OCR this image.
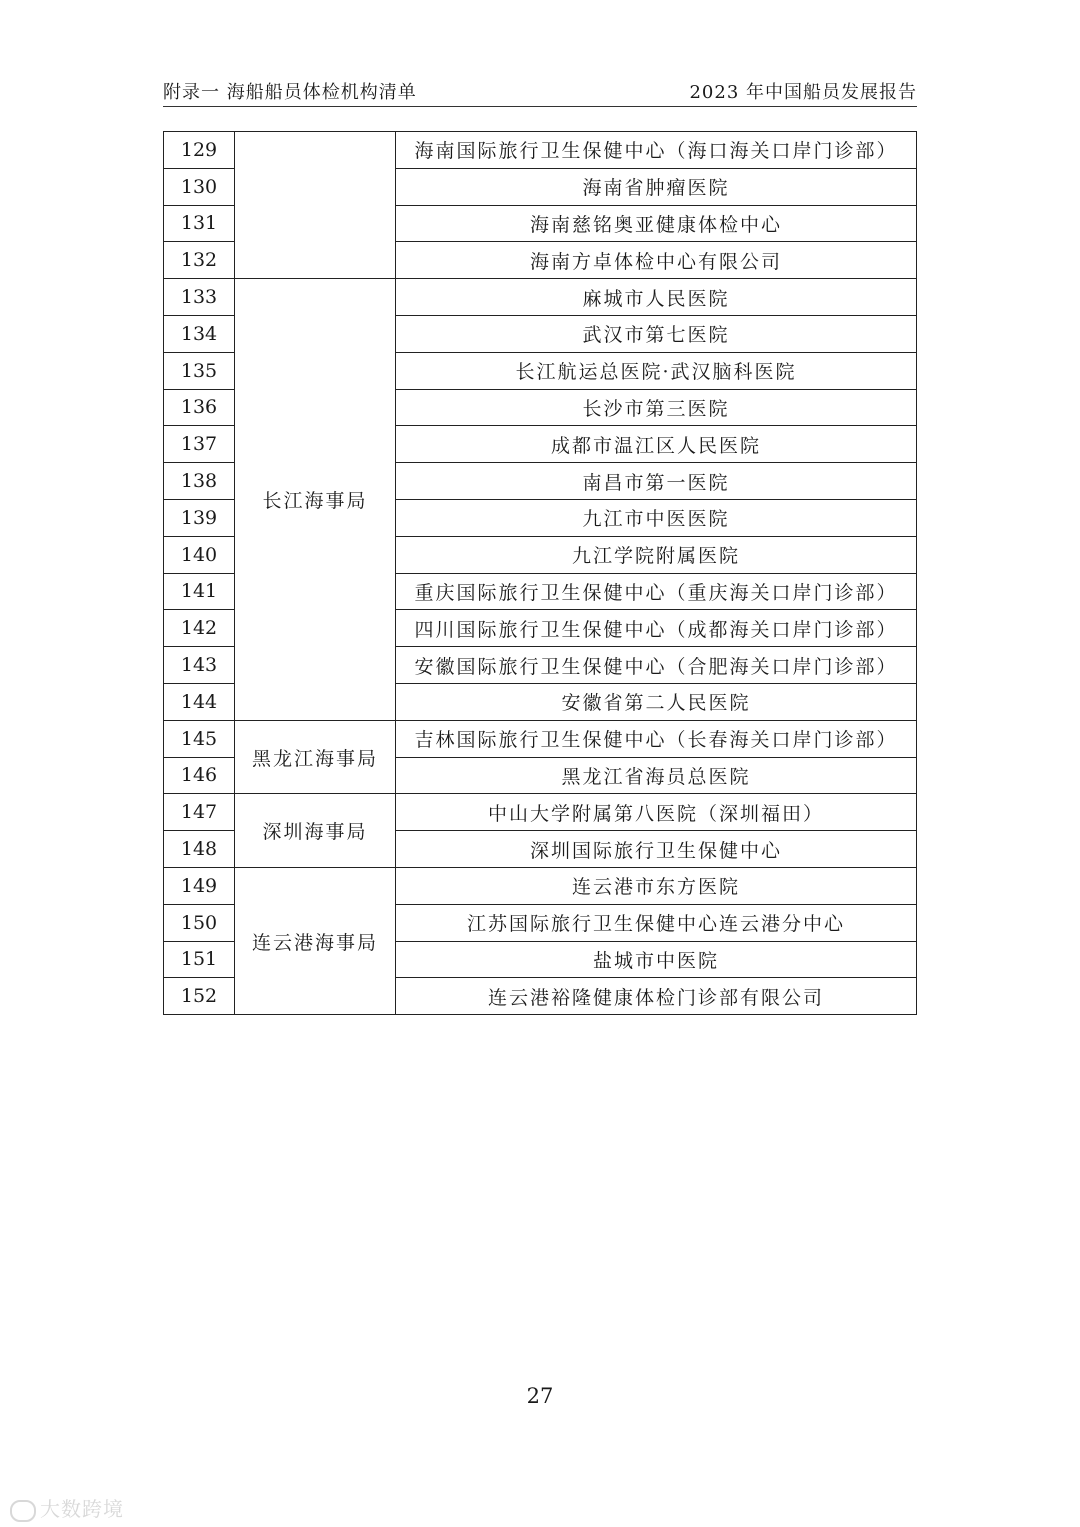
附录一 海船船员体检机构清单	2023 年中国船员发展报告
129		海南国际旅行卫生保健中心（海口海关口岸门诊部）
130		海南省肿瘤医院
131		海南慈铭奥亚健康体检中心
132		海南方卓体检中心有限公司
133	长江海事局	麻城市人民医院
134		武汉市第七医院
135		长江航运总医院·武汉脑科医院
136		长沙市第三医院
137		成都市温江区人民医院
138		南昌市第一医院
139		九江市中医医院
140		九江学院附属医院
141		重庆国际旅行卫生保健中心（重庆海关口岸门诊部）
142		四川国际旅行卫生保健中心（成都海关口岸门诊部）
143		安徽国际旅行卫生保健中心（合肥海关口岸门诊部）
144		安徽省第二人民医院
145	黑龙江海事局	吉林国际旅行卫生保健中心（长春海关口岸门诊部）
146		黑龙江省海员总医院
147	深圳海事局	中山大学附属第八医院（深圳福田）
148		深圳国际旅行卫生保健中心
149	连云港海事局	连云港市东方医院
150		江苏国际旅行卫生保健中心连云港分中心
151		盐城市中医院
152		连云港裕隆健康体检门诊部有限公司
27
大数跨境
